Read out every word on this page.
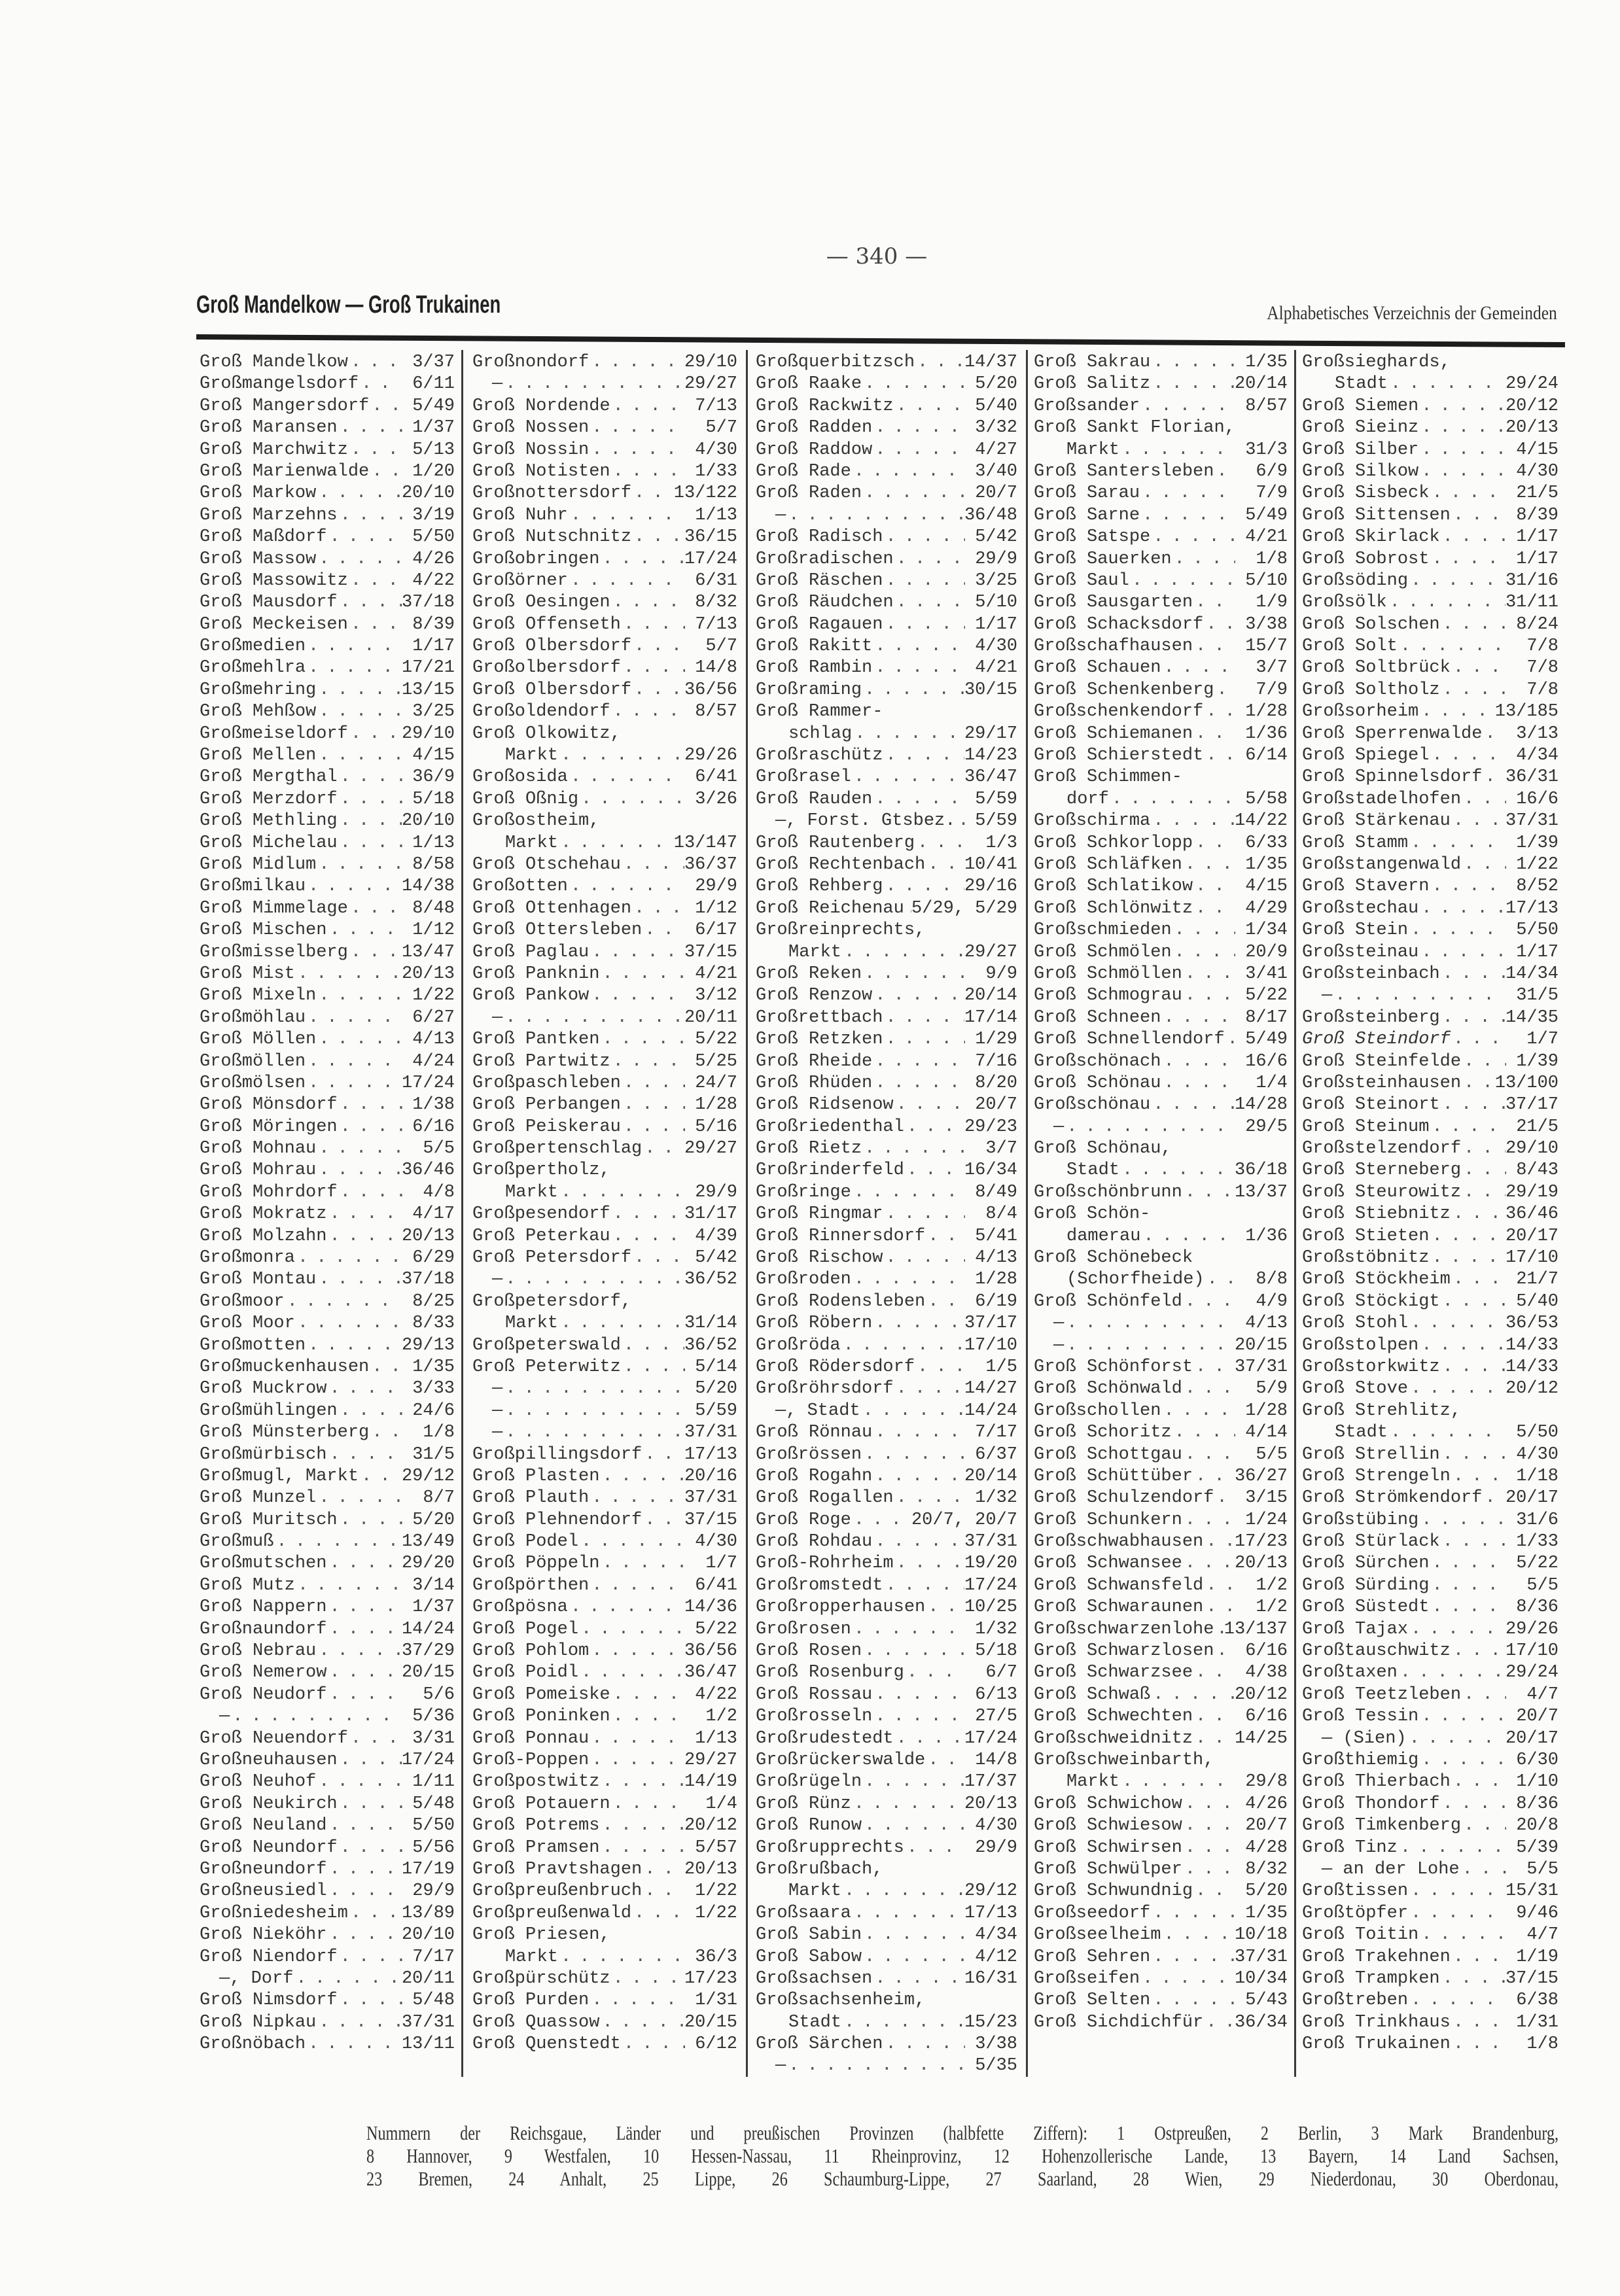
— 340 —
Groß Mandelkow — Groß Trukainen	Alphabetisches Verzeichnis der Gemeinden
Groß Mandelkow . . .	3/37
Großmangelsdorf . . .	6/11
Groß Mangersdorf . . .	5/49
Groß Maransen . . .	1/37
Groß Marchwitz . . .	5/13
Groß Marienwalde . . .	1/20
Groß Markow . . .	20/10
Groß Marzehns . . .	3/19
Groß Maßdorf . . .	5/50
Groß Massow . . .	4/26
Groß Massowitz . . .	4/22
Groß Mausdorf . . .	37/18
Groß Meckeisen . . .	8/39
Großmedien . . .	1/17
Großmehlra . . .	17/21
Großmehring . . .	13/15
Groß Mehßow . . .	3/25
Großmeiseldorf . . .	29/10
Groß Mellen . . .	4/15
Groß Mergthal . . .	36/9
Groß Merzdorf . . .	5/18
Groß Methling . . .	20/10
Groß Michelau . . .	1/13
Groß Midlum . . .	8/58
Großmilkau . . .	14/38
Groß Mimmelage . . .	8/48
Groß Mischen . . .	1/12
Großmisselberg . . .	13/47
Groß Mist . . .	20/13
Groß Mixeln . . .	1/22
Großmöhlau . . .	6/27
Groß Möllen . . .	4/13
Großmöllen . . .	4/24
Großmölsen . . .	17/24
Groß Mönsdorf . . .	1/38
Groß Möringen . . .	6/16
Groß Mohnau . . .	5/5
Groß Mohrau . . .	36/46
Groß Mohrdorf . . .	4/8
Groß Mokratz . . .	4/17
Groß Molzahn . . .	20/13
Großmonra . . .	6/29
Groß Montau . . .	37/18
Großmoor . . .	8/25
Groß Moor . . .	8/33
Großmotten . . .	29/13
Großmuckenhausen . . .	1/35
Groß Muckrow . . .	3/33
Großmühlingen . . .	24/6
Groß Münsterberg . . .	1/8
Großmürbisch . . .	31/5
Großmugl, Markt . . . 29/12
Groß Munzel . . .	8/7
Groß Muritsch . . .	5/20
Großmuß . . .	13/49
Großmutschen . . .	29/20
Groß Mutz . . .	3/14
Groß Nappern . . .	1/37
Großnaundorf . . .	14/24
Groß Nebrau . . .	37/29
Groß Nemerow . . .	20/15
Groß Neudorf . . .	5/6
— . . .	5/36
Groß Neuendorf . . .	3/31
Großneuhausen . . .	17/24
Groß Neuhof . . .	1/11
Groß Neukirch . . .	5/48
Groß Neuland . . .	5/50
Groß Neundorf . . .	5/56
Großneundorf . . .	17/19
Großneusiedl . . .	29/9
Großniedesheim . . .	13/89
Groß Nieköhr . . .	20/10
Groß Niendorf . . .	7/17
—, Dorf . . .	20/11
Groß Nimsdorf . . .	5/48
Groß Nipkau . . .	37/31
Großnöbach . . .	13/11
Großnondorf . . .	29/10
— . . .	29/27
Groß Nordende . . .	7/13
Groß Nossen . . .	5/7
Groß Nossin . . .	4/30
Groß Notisten . . .	1/33
Großnottersdorf . . . 13/122
Groß Nuhr . . .	1/13
Groß Nutschnitz . . .	36/15
Großobringen . . .	17/24
Großörner . . .	6/31
Groß Oesingen . . .	8/32
Groß Offenseth . . .	7/13
Groß Olbersdorf . . .	5/7
Großolbersdorf . . .	14/8
Groß Olbersdorf . . .	36/56
Großoldendorf . . .	8/57
Groß Olkowitz,
Markt . . .	29/26
Großosida . . .	6/41
Groß Oßnig . . .	3/26
Großostheim,
Markt . . .	13/147
Groß Otschehau . . .	36/37
Großotten . . .	29/9
Groß Ottenhagen . . .	1/12
Groß Ottersleben . . .	6/17
Groß Paglau . . .	37/15
Groß Panknin . . .	4/21
Groß Pankow . . .	3/12
— . . .	20/11
Groß Pantken . . .	5/22
Groß Partwitz . . .	5/25
Großpaschleben . . .	24/7
Groß Perbangen . . .	1/28
Groß Peiskerau . . .	5/16
Großpertenschlag . . . 29/27
Großpertholz,
Markt . . .	29/9
Großpesendorf . . .	31/17
Groß Peterkau . . .	4/39
Groß Petersdorf . . .	5/42
— . . .	36/52
Großpetersdorf,
Markt . . .	31/14
Großpeterswald . . .	36/52
Groß Peterwitz . . .	5/14
— . . .	5/20
— . . .	5/59
— . . .	37/31
Großpillingsdorf . . . 17/13
Groß Plasten . . .	20/16
Groß Plauth . . .	37/31
Groß Plehnendorf . . . 37/15
Groß Podel . . .	4/30
Groß Pöppeln . . .	1/7
Großpörthen . . .	6/41
Großpösna . . .	14/36
Groß Pogel . . .	5/22
Groß Pohlom . . .	36/56
Groß Poidl . . .	36/47
Groß Pomeiske . . .	4/22
Groß Poninken . . .	1/2
Groß Ponnau . . .	1/13
Groß-Poppen . . .	29/27
Großpostwitz . . .	14/19
Groß Potauern . . .	1/4
Groß Potrems . . .	20/12
Groß Pramsen . . .	5/57
Groß Pravtshagen . . . 20/13
Großpreußenbruch . . .	1/22
Großpreußenwald . . .	1/22
Groß Priesen,
Markt . . .	36/3
Großpürschütz . . .	17/23
Groß Purden . . .	1/31
Groß Quassow . . .	20/15
Groß Quenstedt . . .	6/12
Großquerbitzsch . . .	14/37
Groß Raake . . .	5/20
Groß Rackwitz . . .	5/40
Groß Radden . . .	3/32
Groß Raddow . . .	4/27
Groß Rade . . .	3/40
Groß Raden . . .	20/7
— . . .	36/48
Groß Radisch . . .	5/42
Großradischen . . .	29/9
Groß Räschen . . .	3/25
Groß Räudchen . . .	5/10
Groß Ragauen . . .	1/17
Groß Rakitt . . .	4/30
Groß Rambin . . .	4/21
Großraming . . .	30/15
Groß Rammer-
schlag . . .	29/17
Großraschütz . . .	14/23
Großrasel . . .	36/47
Groß Rauden . . .	5/59
—, Forst. Gtsbez. . . .	5/59
Groß Rautenberg . . .	1/3
Groß Rechtenbach . . . 10/41
Groß Rehberg . . .	29/16
Groß Reichenau . . . 5/29, 5/29
Großreinprechts,
Markt . . .	29/27
Groß Reken . . .	9/9
Groß Renzow . . .	20/14
Großrettbach . . .	17/14
Groß Retzken . . .	1/29
Groß Rheide . . .	7/16
Groß Rhüden . . .	8/20
Groß Ridsenow . . .	20/7
Großriedenthal . . .	29/23
Groß Rietz . . .	3/7
Großrinderfeld . . .	16/34
Großringe . . .	8/49
Groß Ringmar . . .	8/4
Groß Rinnersdorf . . .	5/41
Groß Rischow . . .	4/13
Großroden . . .	1/28
Groß Rodensleben . . .	6/19
Groß Röbern . . .	37/17
Großröda . . .	17/10
Groß Rödersdorf . . .	1/5
Großröhrsdorf . . .	14/27
—, Stadt . . .	14/24
Groß Rönnau . . .	7/17
Großrössen . . .	6/37
Groß Rogahn . . .	20/14
Groß Rogallen . . .	1/32
Groß Roge . . .	20/7, 20/7
Groß Rohdau . . .	37/31
Groß-Rohrheim . . .	19/20
Großromstedt . . .	17/24
Großropperhausen . . . 10/25
Großrosen . . .	1/32
Groß Rosen . . .	5/18
Groß Rosenburg . . .	6/7
Groß Rossau . . .	6/13
Großrosseln . . .	27/5
Großrudestedt . . .	17/24
Großrückerswalde . . .	14/8
Großrügeln . . .	17/37
Groß Rünz . . .	20/13
Groß Runow . . .	4/30
Großrupprechts . . .	29/9
Großrußbach,
Markt . . .	29/12
Großsaara . . .	17/13
Groß Sabin . . .	4/34
Groß Sabow . . .	4/12
Großsachsen . . .	16/31
Großsachsenheim,
Stadt . . .	15/23
Groß Särchen . . .	3/38
— . . .	5/35
Groß Sakrau . . .	1/35
Groß Salitz . . .	20/14
Großsander . . .	8/57
Groß Sankt Florian,
Markt . . .	31/3
Groß Santersleben . . .	6/9
Groß Sarau . . .	7/9
Groß Sarne . . .	5/49
Groß Satspe . . .	4/21
Groß Sauerken . . .	1/8
Groß Saul . . .	5/10
Groß Sausgarten . . .	1/9
Groß Schacksdorf . . .	3/38
Großschafhausen . . .	15/7
Groß Schauen . . .	3/7
Groß Schenkenberg . . .	7/9
Großschenkendorf . . .	1/28
Groß Schiemanen . . .	1/36
Groß Schierstedt . . .	6/14
Groß Schimmen-
dorf . . .	5/58
Großschirma . . .	14/22
Groß Schkorlopp . . .	6/33
Groß Schläfken . . .	1/35
Groß Schlatikow . . .	4/15
Groß Schlönwitz . . .	4/29
Großschmieden . . .	1/34
Groß Schmölen . . .	20/9
Groß Schmöllen . . .	3/41
Groß Schmograu . . .	5/22
Groß Schneen . . .	8/17
Groß Schnellendorf . . .	5/49
Großschönach . . .	16/6
Groß Schönau . . .	1/4
Großschönau . . .	14/28
— . . .	29/5
Groß Schönau,
Stadt . . .	36/18
Großschönbrunn . . .	13/37
Groß Schön-
damerau . . .	1/36
Groß Schönebeck
(Schorfheide) . . .	8/8
Groß Schönfeld . . .	4/9
— . . .	4/13
— . . .	20/15
Groß Schönforst . . . 37/31
Groß Schönwald . . .	5/9
Großschollen . . .	1/28
Groß Schoritz . . .	4/14
Groß Schottgau . . .	5/5
Groß Schüttüber . . . 36/27
Groß Schulzendorf . . .	3/15
Groß Schunkern . . .	1/24
Großschwabhausen . . . 17/23
Groß Schwansee . . .	20/13
Groß Schwansfeld . . .	1/2
Groß Schwaraunen . . .	1/2
Großschwarzenlohe . . . 13/137
Groß Schwarzlosen . . .	6/16
Groß Schwarzsee . . .	4/38
Groß Schwaß . . .	20/12
Groß Schwechten . . .	6/16
Großschweidnitz . . . 14/25
Großschweinbarth,
Markt . . .	29/8
Groß Schwichow . . .	4/26
Groß Schwiesow . . .	20/7
Groß Schwirsen . . .	4/28
Groß Schwülper . . .	8/32
Groß Schwundnig . . .	5/20
Großseedorf . . .	1/35
Großseelheim . . .	10/18
Groß Sehren . . .	37/31
Großseifen . . .	10/34
Groß Selten . . .	5/43
Groß Sichdichfür . . . 36/34
Großsieghards,
Stadt . . .	29/24
Groß Siemen . . .	20/12
Groß Sieinz . . .	20/13
Groß Silber . . .	4/15
Groß Silkow . . .	4/30
Groß Sisbeck . . .	21/5
Groß Sittensen . . .	8/39
Groß Skirlack . . .	1/17
Groß Sobrost . . .	1/17
Großsöding . . .	31/16
Großsölk . . .	31/11
Groß Solschen . . .	8/24
Groß Solt . . .	7/8
Groß Soltbrück . . .	7/8
Groß Soltholz . . .	7/8
Großsorheim . . .	13/185
Groß Sperrenwalde . . .	3/13
Groß Spiegel . . .	4/34
Groß Spinnelsdorf . . . 36/31
Großstadelhofen . . .	16/6
Groß Stärkenau . . .	37/31
Groß Stamm . . .	1/39
Großstangenwald . . .	1/22
Groß Stavern . . .	8/52
Großstechau . . .	17/13
Groß Stein . . .	5/50
Großsteinau . . .	1/17
Großsteinbach . . .	14/34
— . . .	31/5
Großsteinberg . . .	14/35
Groß Steindorf . . .	1/7
Groß Steinfelde . . .	1/39
Großsteinhausen . . . 13/100
Groß Steinort . . .	37/17
Groß Steinum . . .	21/5
Großstelzendorf . . .	29/10
Groß Sterneberg . . .	8/43
Groß Steurowitz . . .	29/19
Groß Stiebnitz . . .	36/46
Groß Stieten . . .	20/17
Großstöbnitz . . .	17/10
Groß Stöckheim . . .	21/7
Groß Stöckigt . . .	5/40
Groß Stohl . . .	36/53
Großstolpen . . .	14/33
Großstorkwitz . . .	14/33
Groß Stove . . .	20/12
Groß Strehlitz,
Stadt . . .	5/50
Groß Strellin . . .	4/30
Groß Strengeln . . .	1/18
Groß Strömkendorf . . . 20/17
Großstübing . . .	31/6
Groß Stürlack . . .	1/33
Groß Sürchen . . .	5/22
Groß Sürding . . .	5/5
Groß Süstedt . . .	8/36
Groß Tajax . . .	29/26
Großtauschwitz . . .	17/10
Großtaxen . . .	29/24
Groß Teetzleben . . .	4/7
Groß Tessin . . .	20/7
— (Sien) . . .	20/17
Großthiemig . . .	6/30
Groß Thierbach . . .	1/10
Groß Thondorf . . .	8/36
Groß Timkenberg . . .	20/8
Groß Tinz . . .	5/39
— an der Lohe . . .	5/5
Großtissen . . .	15/31
Großtöpfer . . .	9/46
Groß Toitin . . .	4/7
Groß Trakehnen . . .	1/19
Groß Trampken . . .	37/15
Großtreben . . .	6/38
Groß Trinkhaus . . .	1/31
Groß Trukainen . . .	1/8
Nummern der Reichsgaue, Länder und preußischen Provinzen (halbfette Ziffern): 1 Ostpreußen, 2 Berlin, 3 Mark Brandenburg,
8 Hannover, 9 Westfalen, 10 Hessen-Nassau, 11 Rheinprovinz, 12 Hohenzollerische Lande, 13 Bayern, 14 Land Sachsen,
23 Bremen, 24 Anhalt, 25 Lippe, 26 Schaumburg-Lippe, 27 Saarland, 28 Wien, 29 Niederdonau, 30 Oberdonau,
